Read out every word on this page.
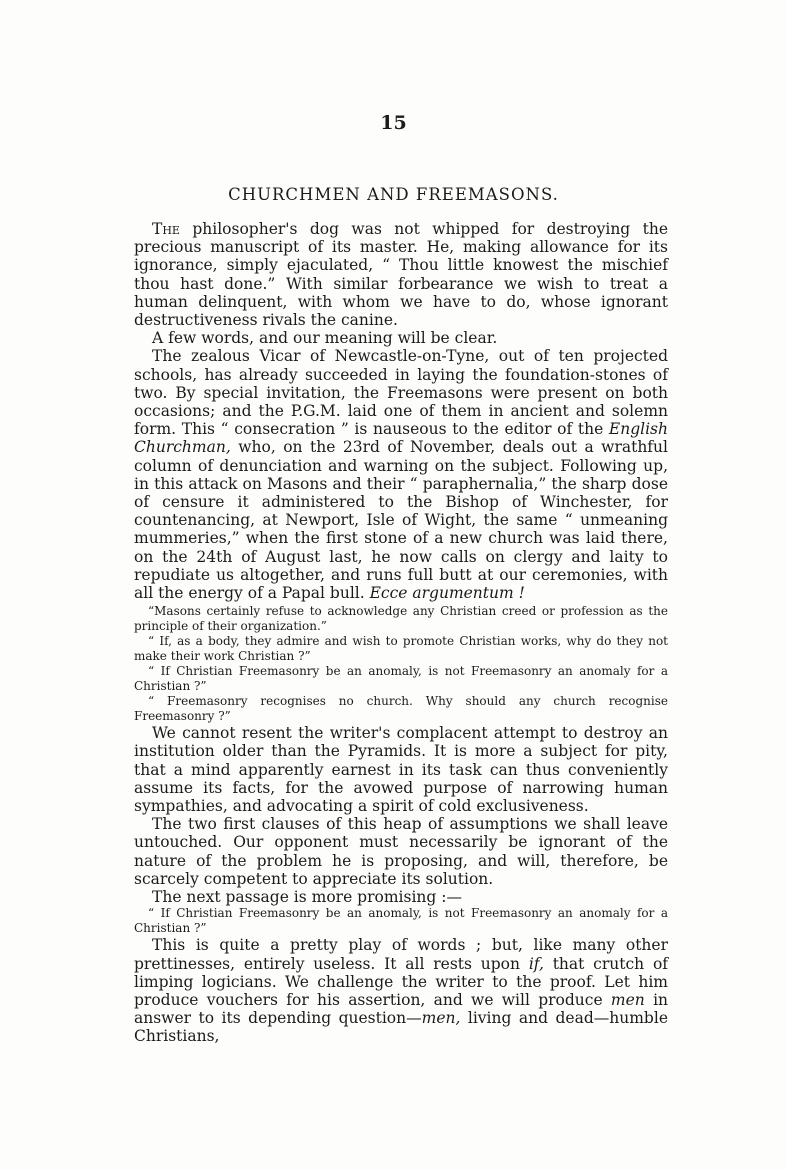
15
CHURCHMEN AND FREEMASONS.

The philosopher's dog was not whipped for destroying the precious manuscript of its master. He, making allowance for its ignorance, simply ejaculated, “ Thou little knowest the mischief thou hast done.” With similar forbearance we wish to treat a human delinquent, with whom we have to do, whose ignorant destructiveness rivals the canine.

A few words, and our meaning will be clear.

The zealous Vicar of Newcastle-on-Tyne, out of ten projected schools, has already succeeded in laying the foundation-stones of two. By special invitation, the Freemasons were present on both occasions; and the P.G.M. laid one of them in ancient and solemn form. This “ consecration ” is nauseous to the editor of the English Churchman, who, on the 23rd of November, deals out a wrathful column of denunciation and warning on the subject. Following up, in this attack on Masons and their “ paraphernalia,” the sharp dose of censure it administered to the Bishop of Winchester, for countenancing, at Newport, Isle of Wight, the same “ unmeaning mummeries,” when the first stone of a new church was laid there, on the 24th of August last, he now calls on clergy and laity to repudiate us altogether, and runs full butt at our ceremonies, with all the energy of a Papal bull. Ecce argumentum !

“Masons certainly refuse to acknowledge any Christian creed or profession as the principle of their organization.”

“ If, as a body, they admire and wish to promote Christian works, why do they not make their work Christian ?”

“ If Christian Freemasonry be an anomaly, is not Freemasonry an anomaly for a Christian ?”

“ Freemasonry recognises no church. Why should any church recognise Freemasonry ?”

We cannot resent the writer's complacent attempt to destroy an institution older than the Pyramids. It is more a subject for pity, that a mind apparently earnest in its task can thus conveniently assume its facts, for the avowed purpose of narrowing human sympathies, and advocating a spirit of cold exclusiveness.

The two first clauses of this heap of assumptions we shall leave untouched. Our opponent must necessarily be ignorant of the nature of the problem he is proposing, and will, therefore, be scarcely competent to appreciate its solution.

The next passage is more promising :—

“ If Christian Freemasonry be an anomaly, is not Freemasonry an anomaly for a Christian ?”

This is quite a pretty play of words ; but, like many other prettinesses, entirely useless. It all rests upon if, that crutch of limping logicians. We challenge the writer to the proof. Let him produce vouchers for his assertion, and we will produce men in answer to its depending question—men, living and dead—humble Christians,
